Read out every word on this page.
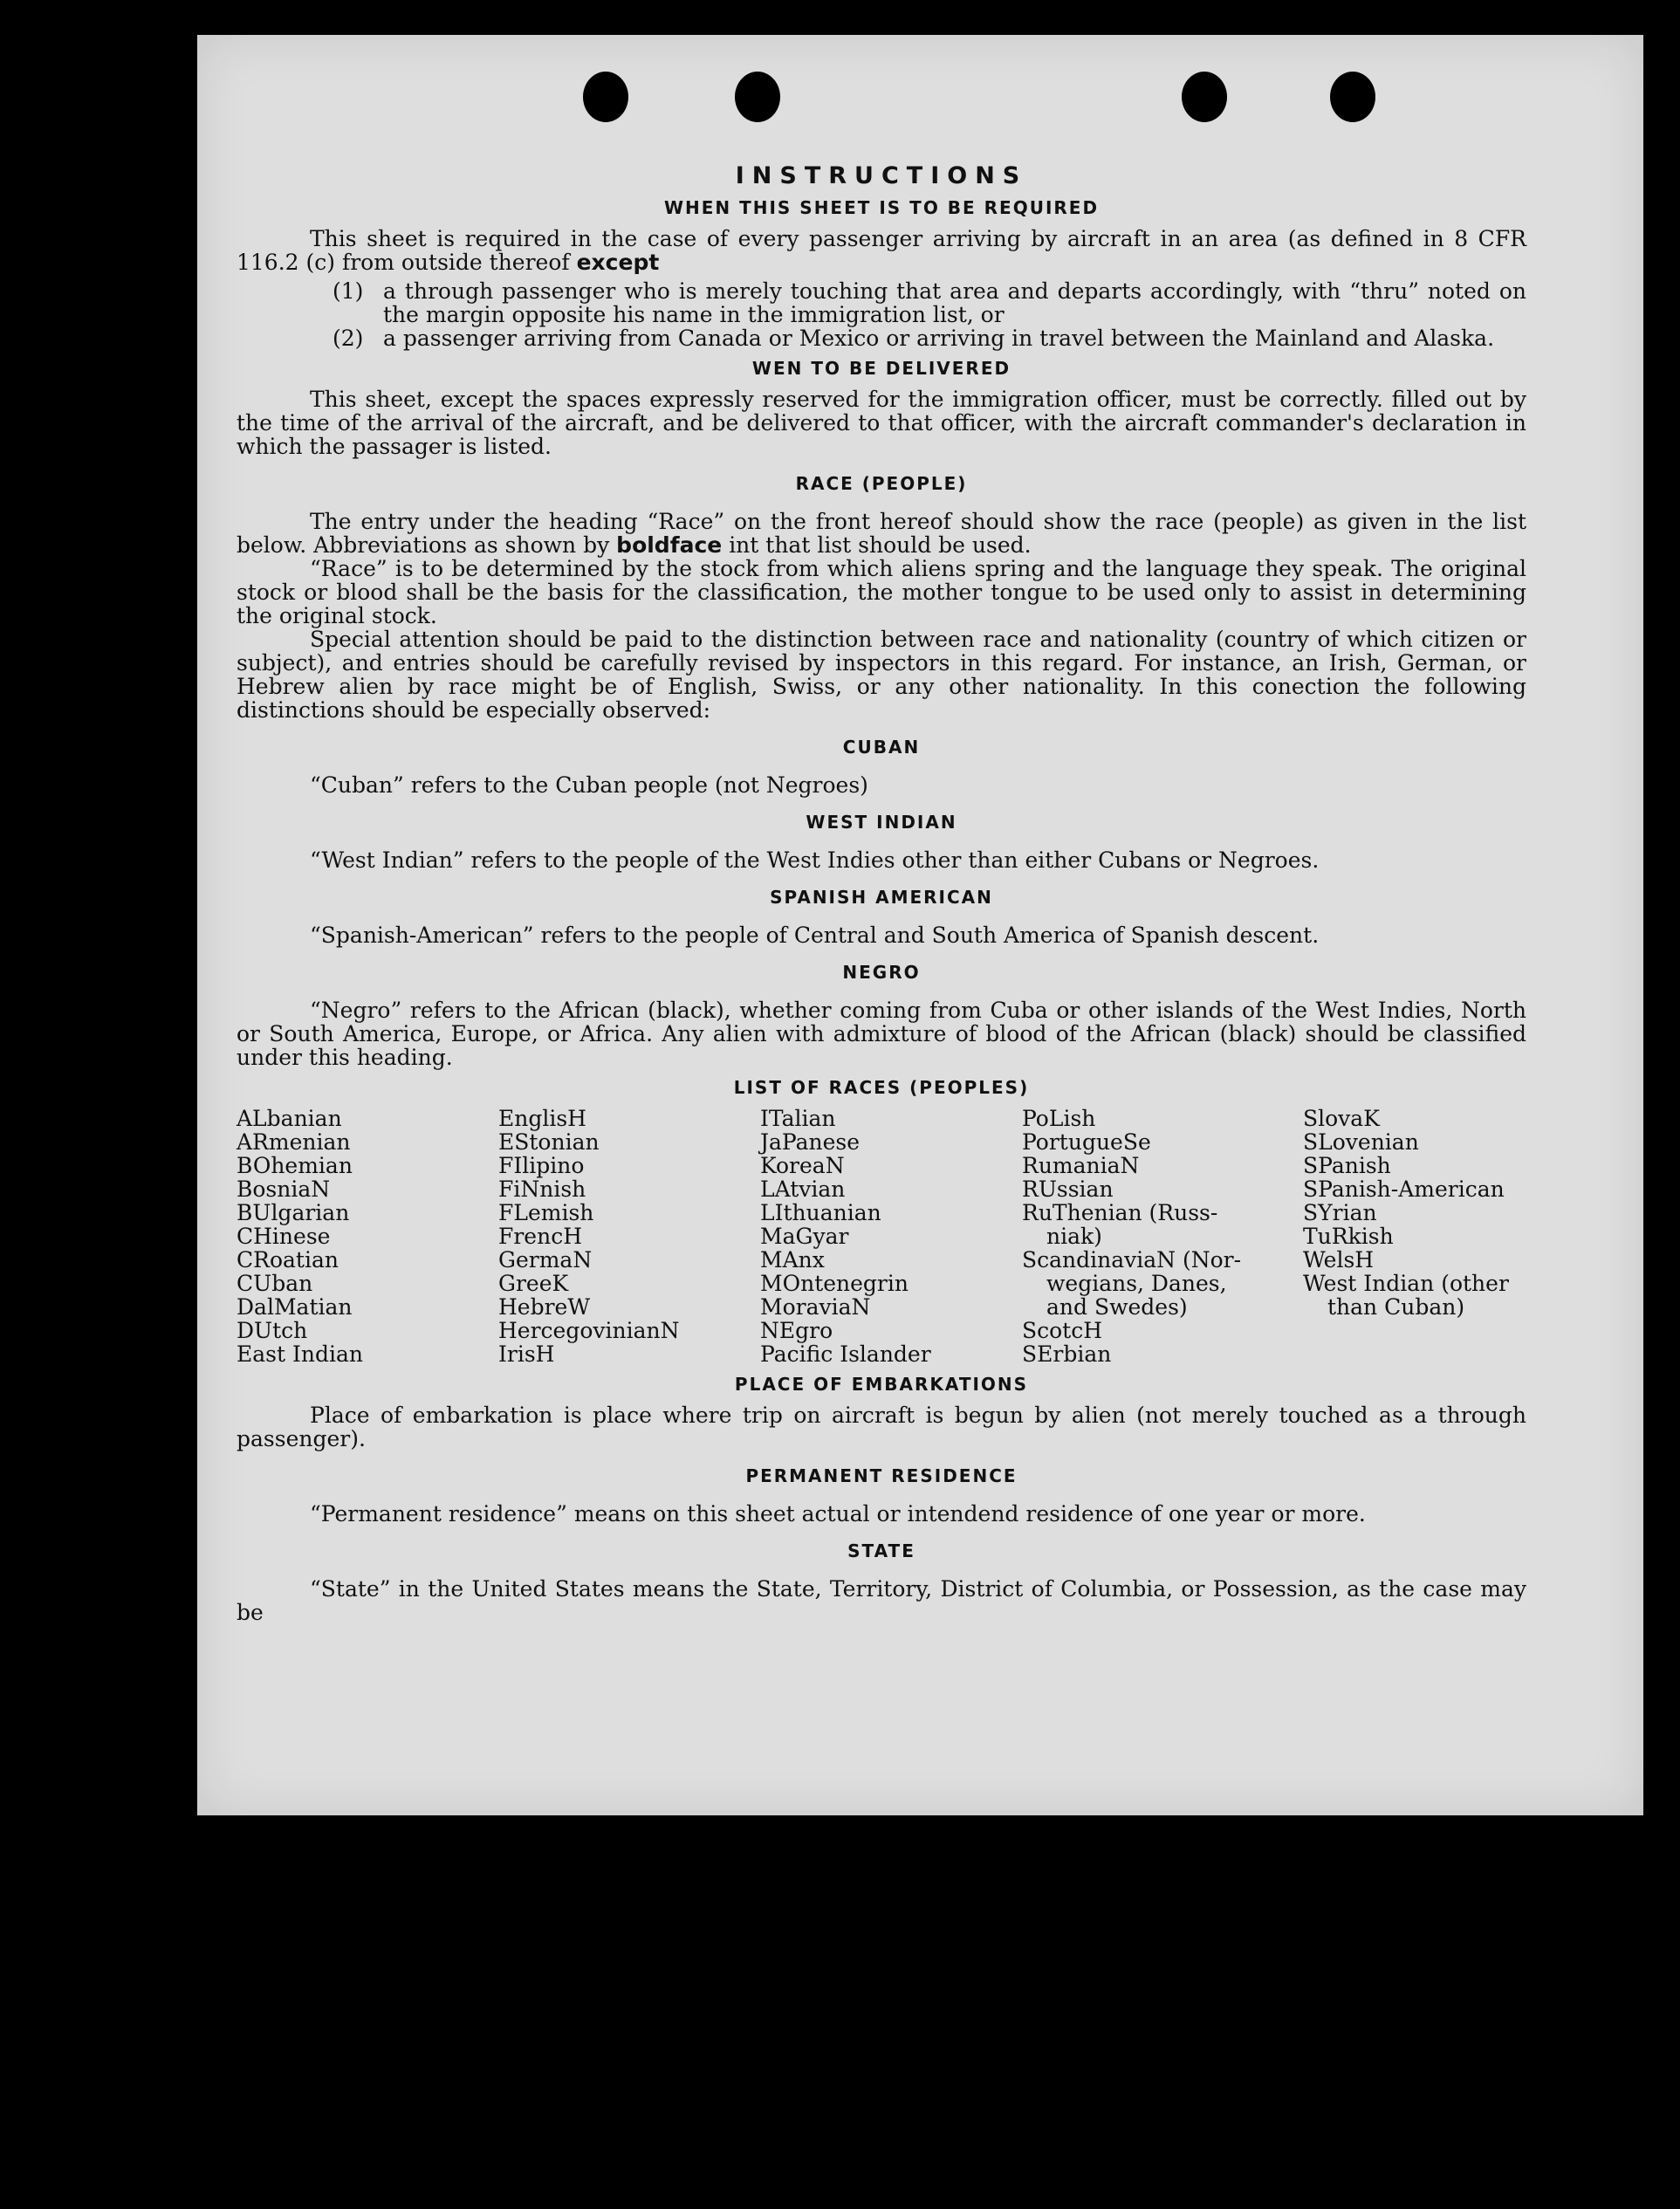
INSTRUCTIONS
WHEN THIS SHEET IS TO BE REQUIRED

This sheet is required in the case of every passenger arriving by aircraft in an area (as defined in 8 CFR 116.2 (c) from outside thereof except

(1) a through passenger who is merely touching that area and departs accordingly, with “thru” noted on the margin opposite his name in the immigration list, or
(2) a passenger arriving from Canada or Mexico or arriving in travel between the Mainland and Alaska.
WEN TO BE DELIVERED

This sheet, except the spaces expressly reserved for the immigration officer, must be correctly. filled out by the time of the arrival of the aircraft, and be delivered to that officer, with the aircraft commander's declaration in which the passager is listed.

RACE (PEOPLE)

The entry under the heading “Race” on the front hereof should show the race (people) as given in the list below. Abbreviations as shown by boldface int that list should be used.

“Race” is to be determined by the stock from which aliens spring and the language they speak. The original stock or blood shall be the basis for the classification, the mother tongue to be used only to assist in determining the original stock.

Special attention should be paid to the distinction between race and nationality (country of which citizen or subject), and entries should be carefully revised by inspectors in this regard. For instance, an Irish, German, or Hebrew alien by race might be of English, Swiss, or any other nationality. In this conection the following distinctions should be especially observed:

CUBAN

“Cuban” refers to the Cuban people (not Negroes)

WEST INDIAN

“West Indian” refers to the people of the West Indies other than either Cubans or Negroes.

SPANISH AMERICAN

“Spanish-American” refers to the people of Central and South America of Spanish descent.

NEGRO

“Negro” refers to the African (black), whether coming from Cuba or other islands of the West Indies, North or South America, Europe, or Africa. Any alien with admixture of blood of the African (black) should be classified under this heading.

LIST OF RACES (PEOPLES)
ALbanian
ARmenian
BOhemian
BosniaN
BUlgarian
CHinese
CRoatian
CUban
DalMatian
DUtch
East Indian
EnglisH
EStonian
FIlipino
FiNnish
FLemish
FrencH
GermaN
GreeK
HebreW
HercegovinianN
IrisH
ITalian
JaPanese
KoreaN
LAtvian
LIthuanian
MaGyar
MAnx
MOntenegrin
MoraviaN
NEgro
Pacific Islander
PoLish
PortugueSe
RumaniaN
RUssian
RuThenian (Russ-
niak)
ScandinaviaN (Nor-
wegians, Danes,
and Swedes)
ScotcH
SErbian
SlovaK
SLovenian
SPanish
SPanish-American
SYrian
TuRkish
WelsH
West Indian (other
than Cuban)
PLACE OF EMBARKATIONS

Place of embarkation is place where trip on aircraft is begun by alien (not merely touched as a through passenger).

PERMANENT RESIDENCE

“Permanent residence” means on this sheet actual or intendend residence of one year or more.

STATE

“State” in the United States means the State, Territory, District of Columbia, or Possession, as the case may be
